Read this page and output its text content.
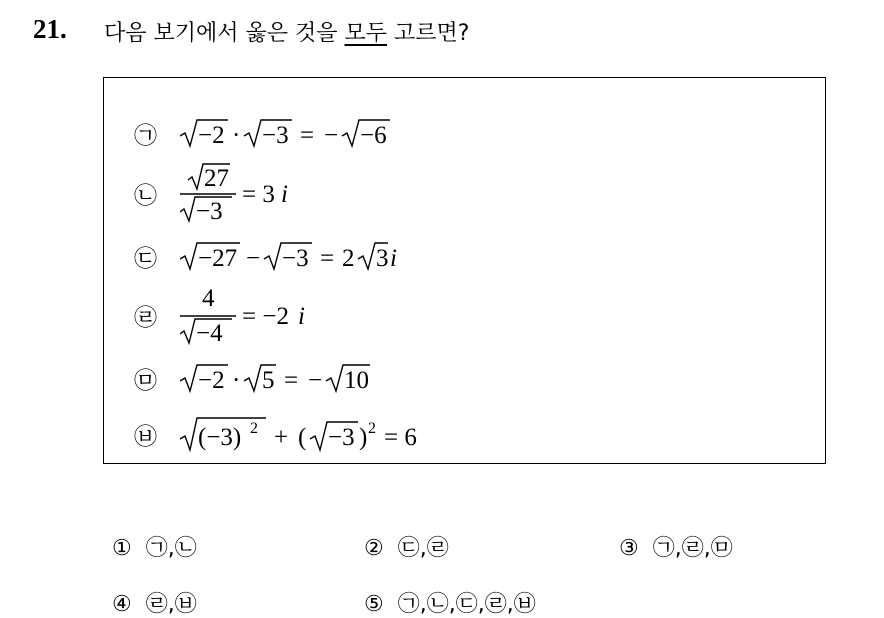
21. 다음 보기에서 옳은 것을 모두 고르면?
㉠	−2 · −3 = − −6
㉡
27
−3
= 3 i
㉢	−27 − −3 = 2 3 i
㉣
4
−4
= −2 i
㉤	−2 · 5 = − 10
㉥	(−3) 2 + ( −3 ) 2 = 6
① ㉠,㉡	② ㉢,㉣	③ ㉠,㉣,㉤
④ ㉣,㉥	⑤ ㉠,㉡,㉢,㉣,㉥
